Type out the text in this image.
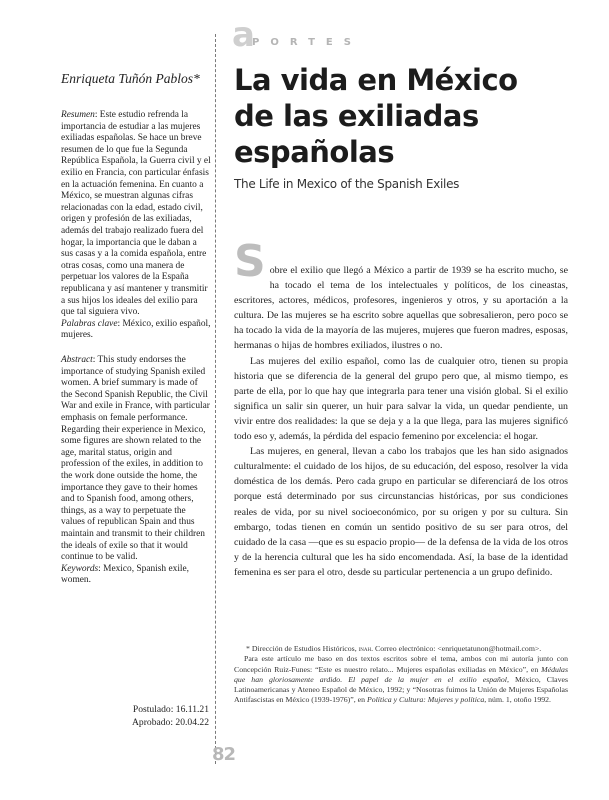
a
PORTES
Enriqueta Tuñón Pablos*

Resumen: Este estudio refrenda la importancia de estudiar a las mujeres exiliadas españolas. Se hace un breve resumen de lo que fue la Segunda República Española, la Guerra civil y el exilio en Francia, con particular énfasis en la actuación femenina. En cuanto a México, se muestran algunas cifras relacionadas con la edad, estado civil, origen y profesión de las exiliadas, además del trabajo realizado fuera del hogar, la importancia que le daban a sus casas y a la comida española, entre otras cosas, como una manera de perpetuar los valores de la España republicana y así mantener y transmitir a sus hijos los ideales del exilio para que tal siguiera vivo.

Palabras clave: México, exilio español, mujeres.

Abstract: This study endorses the importance of studying Spanish exiled women. A brief summary is made of the Second Spanish Republic, the Civil War and exile in France, with particular emphasis on female performance. Regarding their experience in Mexico, some figures are shown related to the age, marital status, origin and profession of the exiles, in addition to the work done outside the home, the importance they gave to their homes and to Spanish food, among others, things, as a way to perpetuate the values of republican Spain and thus maintain and transmit to their children the ideals of exile so that it would continue to be valid.

Keywords: Mexico, Spanish exile, women.

Postulado: 16.11.21
Aprobado: 20.04.22
82
La vida en México de las exiliadas españolas
The Life in Mexico of the Spanish Exiles

Sobre el exilio que llegó a México a partir de 1939 se ha escrito mucho, se ha tocado el tema de los intelectuales y políticos, de los cineastas, escritores, actores, médicos, profesores, ingenieros y otros, y su aportación a la cultura. De las mujeres se ha escrito sobre aquellas que sobresalieron, pero poco se ha tocado la vida de la mayoría de las mujeres, mujeres que fueron madres, esposas, hermanas o hijas de hombres exiliados, ilustres o no.

Las mujeres del exilio español, como las de cualquier otro, tienen su propia historia que se diferencia de la general del grupo pero que, al mismo tiempo, es parte de ella, por lo que hay que integrarla para tener una visión global. Si el exilio significa un salir sin querer, un huir para salvar la vida, un quedar pendiente, un vivir entre dos realidades: la que se deja y a la que llega, para las mujeres significó todo eso y, además, la pérdida del espacio femenino por excelencia: el hogar.

Las mujeres, en general, llevan a cabo los trabajos que les han sido asignados culturalmente: el cuidado de los hijos, de su educación, del esposo, resolver la vida doméstica de los demás. Pero cada grupo en particular se diferenciará de los otros porque está determinado por sus circunstancias históricas, por sus condiciones reales de vida, por su nivel socioeconómico, por su origen y por su cultura. Sin embargo, todas tienen en común un sentido positivo de su ser para otros, del cuidado de la casa —que es su espacio propio— de la defensa de la vida de los otros y de la herencia cultural que les ha sido encomendada. Así, la base de la identidad femenina es ser para el otro, desde su particular pertenencia a un grupo definido.

* Dirección de Estudios Históricos, inah. Correo electrónico: <enriquetatunon@hotmail.com>.

Para este artículo me baso en dos textos escritos sobre el tema, ambos con mi autoría junto con Concepción Ruiz-Funes: “Este es nuestro relato... Mujeres españolas exiliadas en México”, en Médulas que han gloriosamente ardido. El papel de la mujer en el exilio español, México, Claves Latinoamericanas y Ateneo Español de México, 1992; y “Nosotras fuimos la Unión de Mujeres Españolas Antifascistas en México (1939-1976)”, en Política y Cultura: Mujeres y política, núm. 1, otoño 1992.
